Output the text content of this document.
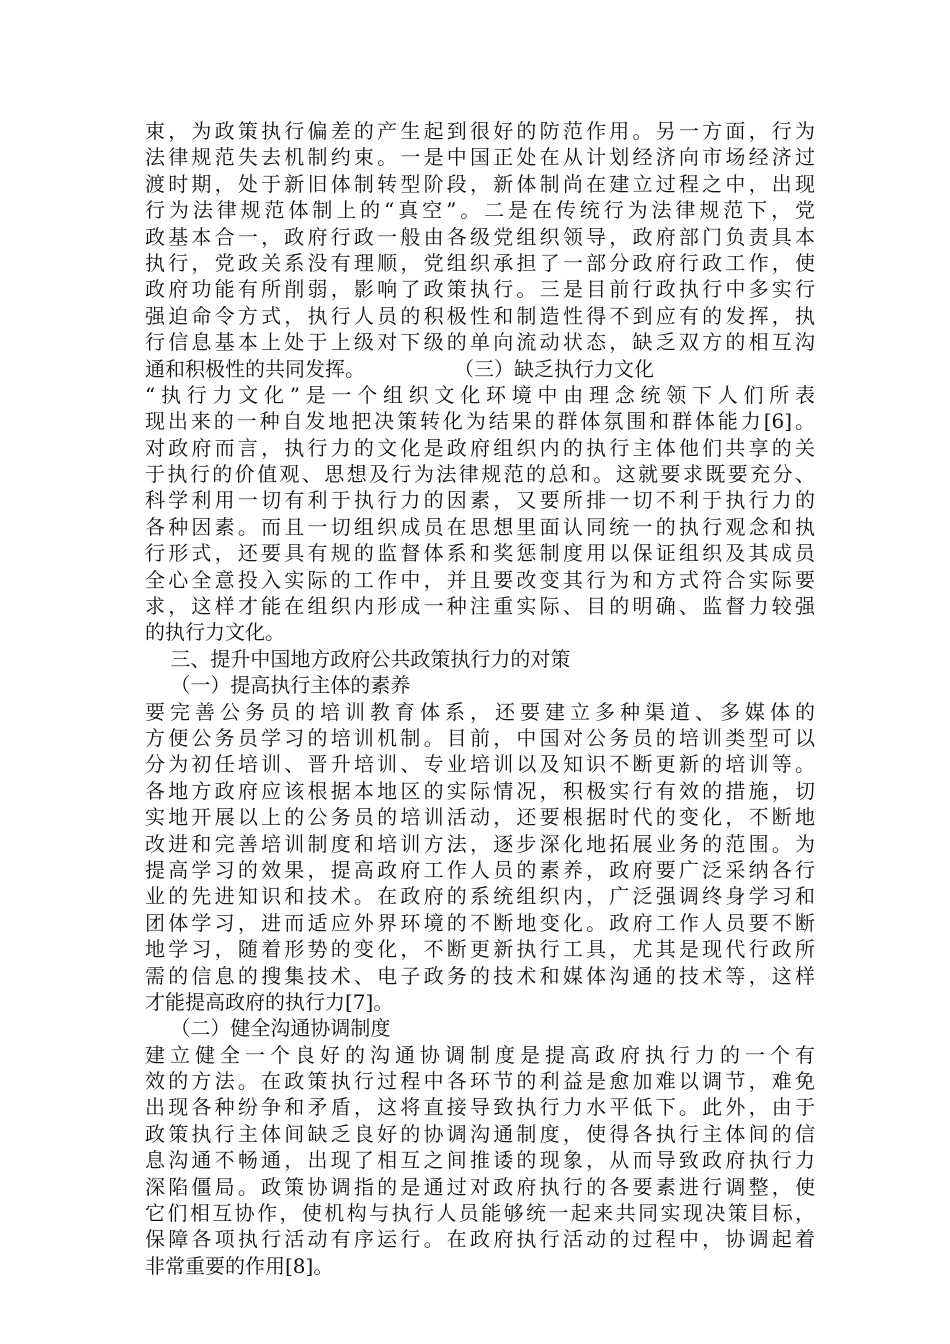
束，为政策执行偏差的产生起到很好的防范作用。另一方面，行为
法律规范失去机制约束。一是中国正处在从计划经济向市场经济过
渡时期，处于新旧体制转型阶段，新体制尚在建立过程之中，出现
行为法律规范体制上的“真空”。二是在传统行为法律规范下，党
政基本合一，政府行政一般由各级党组织领导，政府部门负责具本
执行，党政关系没有理顺，党组织承担了一部分政府行政工作，使
政府功能有所削弱，影响了政策执行。三是目前行政执行中多实行
强迫命令方式，执行人员的积极性和制造性得不到应有的发挥，执
行信息基本上处于上级对下级的单向流动状态，缺乏双方的相互沟
通和积极性的共同发挥。              （三）缺乏执行力文化
“执行力文化”是一个组织文化环境中由理念统领下人们所表
现出来的一种自发地把决策转化为结果的群体氛围和群体能力[6]。
对政府而言，执行力的文化是政府组织内的执行主体他们共享的关
于执行的价值观、思想及行为法律规范的总和。这就要求既要充分、
科学利用一切有利于执行力的因素，又要所排一切不利于执行力的
各种因素。而且一切组织成员在思想里面认同统一的执行观念和执
行形式，还要具有规的监督体系和奖惩制度用以保证组织及其成员
全心全意投入实际的工作中，并且要改变其行为和方式符合实际要
求，这样才能在组织内形成一种注重实际、目的明确、监督力较强
的执行力文化。
三、提升中国地方政府公共政策执行力的对策
（一）提高执行主体的素养
要完善公务员的培训教育体系，还要建立多种渠道、多媒体的
方便公务员学习的培训机制。目前，中国对公务员的培训类型可以
分为初任培训、晋升培训、专业培训以及知识不断更新的培训等。
各地方政府应该根据本地区的实际情况，积极实行有效的措施，切
实地开展以上的公务员的培训活动，还要根据时代的变化，不断地
改进和完善培训制度和培训方法，逐步深化地拓展业务的范围。为
提高学习的效果，提高政府工作人员的素养，政府要广泛采纳各行
业的先进知识和技术。在政府的系统组织内，广泛强调终身学习和
团体学习，进而适应外界环境的不断地变化。政府工作人员要不断
地学习，随着形势的变化，不断更新执行工具，尤其是现代行政所
需的信息的搜集技术、电子政务的技术和媒体沟通的技术等，这样
才能提高政府的执行力[7]。
（二）健全沟通协调制度
建立健全一个良好的沟通协调制度是提高政府执行力的一个有
效的方法。在政策执行过程中各环节的利益是愈加难以调节，难免
出现各种纷争和矛盾，这将直接导致执行力水平低下。此外，由于
政策执行主体间缺乏良好的协调沟通制度，使得各执行主体间的信
息沟通不畅通，出现了相互之间推诿的现象，从而导致政府执行力
深陷僵局。政策协调指的是通过对政府执行的各要素进行调整，使
它们相互协作，使机构与执行人员能够统一起来共同实现决策目标，
保障各项执行活动有序运行。在政府执行活动的过程中，协调起着
非常重要的作用[8]。
